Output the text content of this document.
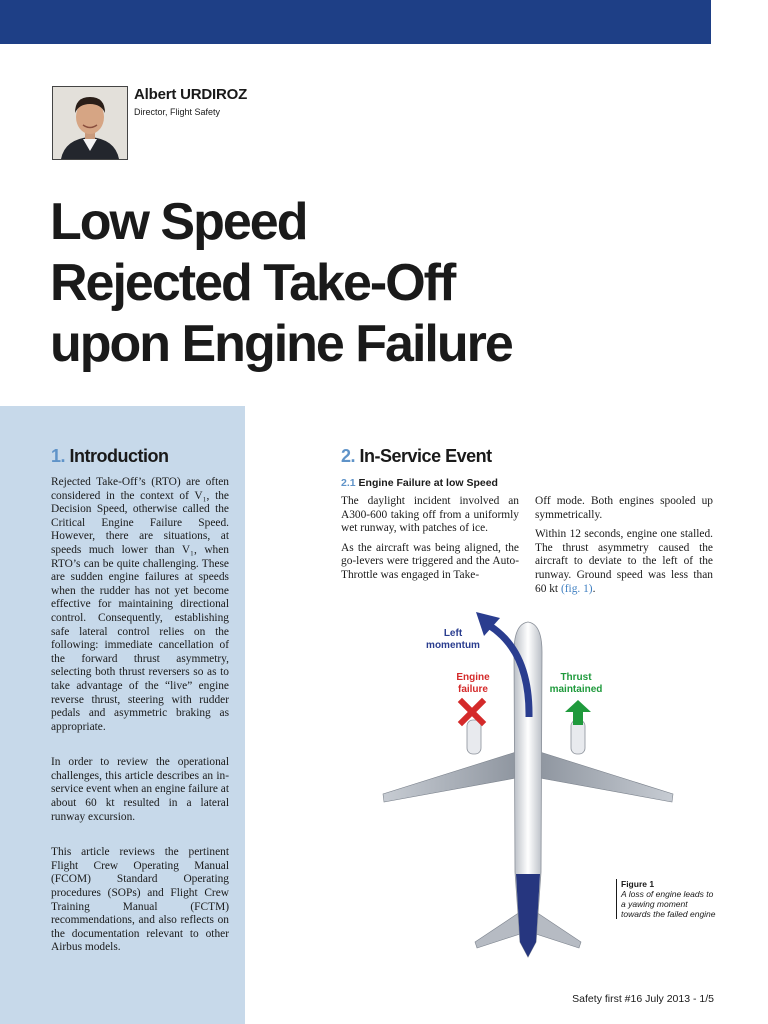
Albert URDIROZ
Director, Flight Safety
Low Speed
Rejected Take-Off
upon Engine Failure
1. Introduction

Rejected Take-Off’s (RTO) are often considered in the context of V₁, the Decision Speed, otherwise called the Critical Engine Failure Speed. However, there are situations, at speeds much lower than V₁, when RTO’s can be quite challenging. These are sudden engine failures at speeds when the rudder has not yet become effective for maintaining directional control. Consequently, establishing safe lateral control relies on the following: immediate cancellation of the forward thrust asymmetry, selecting both thrust reversers so as to take advantage of the “live” engine reverse thrust, steering with rudder pedals and asymmetric braking as appropriate.

In order to review the operational challenges, this article describes an in-service event when an engine failure at about 60 kt resulted in a lateral runway excursion.

This article reviews the pertinent Flight Crew Operating Manual (FCOM) Standard Operating procedures (SOPs) and Flight Crew Training Manual (FCTM) recommendations, and also reflects on the documentation relevant to other Airbus models.

2. In-Service Event
2.1 Engine Failure at low Speed

The daylight incident involved an A300-600 taking off from a uniformly wet runway, with patches of ice.

As the aircraft was being aligned, the go-levers were triggered and the Auto-Throttle was engaged in Take-

Off mode. Both engines spooled up symmetrically.

Within 12 seconds, engine one stalled. The thrust asymmetry caused the aircraft to deviate to the left of the runway. Ground speed was less than 60 kt (fig. 1).

Left
momentum
Engine
failure
Thrust
maintained
Figure 1

A loss of engine leads to a yawing moment towards the failed engine
Safety first #16 July 2013 - 1/5
